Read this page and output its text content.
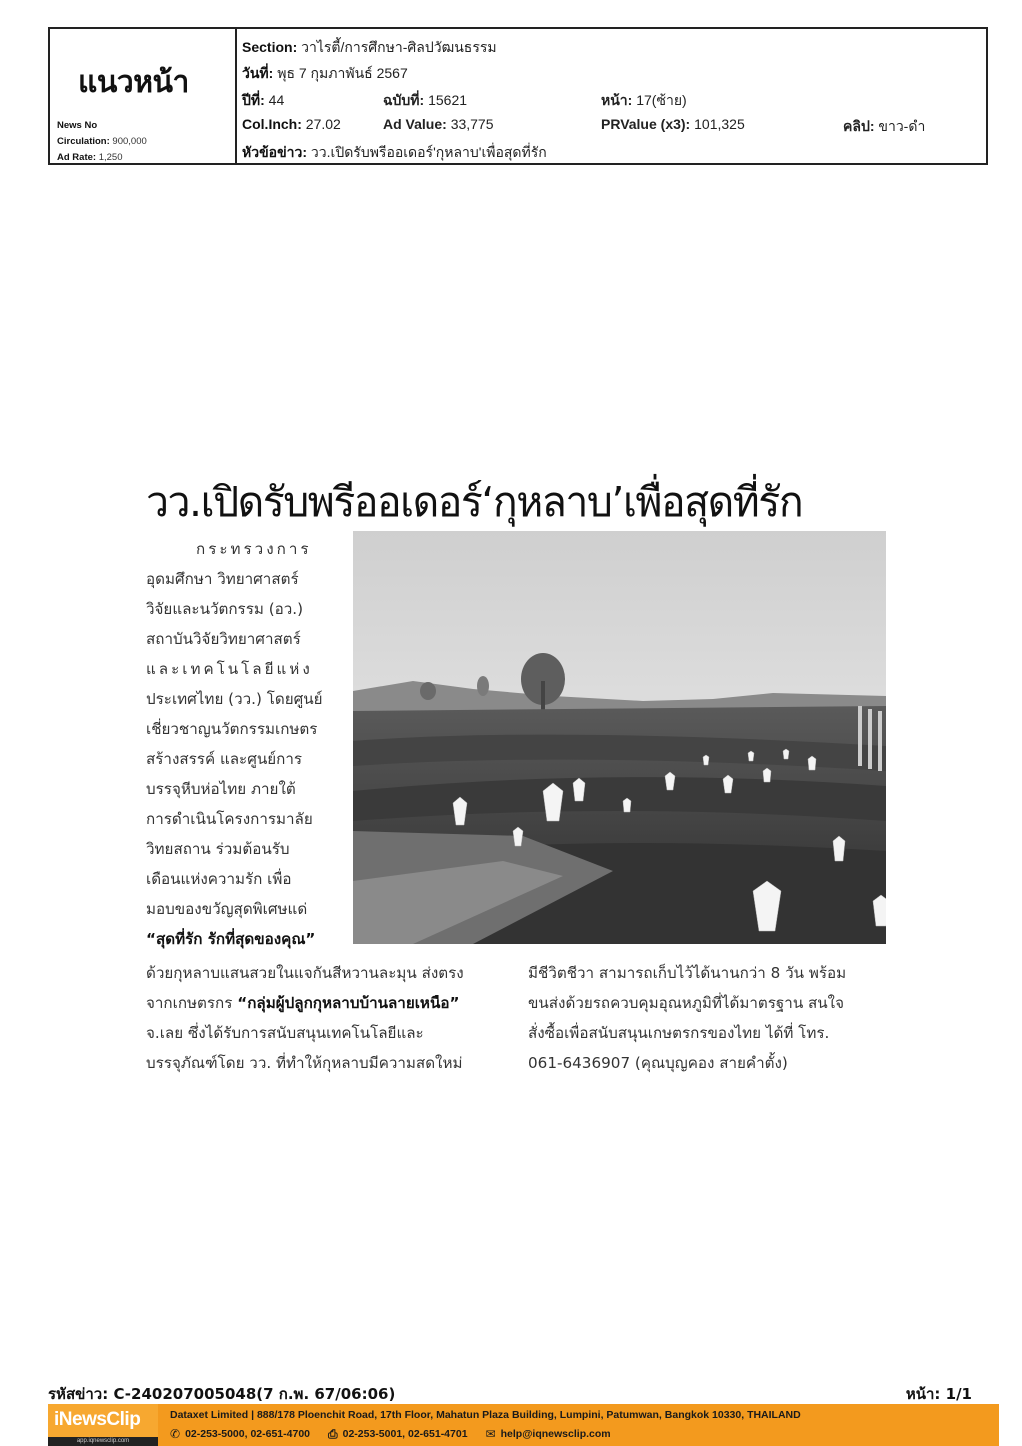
แนวหน้า
News No
Circulation: 900,000
Ad Rate: 1,250
Section: วาไรตี้/การศึกษา-ศิลปวัฒนธรรม
วันที่: พุธ 7 กุมภาพันธ์ 2567
ปีที่: 44	ฉบับที่: 15621	หน้า: 17(ซ้าย)
Col.Inch: 27.02	Ad Value: 33,775	PRValue (x3): 101,325	คลิป: ขาว-ดำ
หัวข้อข่าว: วว.เปิดรับพรีออเดอร์'กุหลาบ'เพื่อสุดที่รัก
วว.เปิดรับพรีออเดอร์‘กุหลาบ’เพื่อสุดที่รัก
กระทรวงการ
อุดมศึกษา วิทยาศาสตร์
วิจัยและนวัตกรรม (อว.)
สถาบันวิจัยวิทยาศาสตร์
และเทคโนโลยีแห่ง
ประเทศไทย (วว.) โดยศูนย์
เชี่ยวชาญนวัตกรรมเกษตร
สร้างสรรค์ และศูนย์การ
บรรจุหีบห่อไทย ภายใต้
การดำเนินโครงการมาลัย
วิทยสถาน ร่วมต้อนรับ
เดือนแห่งความรัก เพื่อ
มอบของขวัญสุดพิเศษแด่
“สุดที่รัก รักที่สุดของคุณ”
ด้วยกุหลาบแสนสวยในแจกันสีหวานละมุน ส่งตรง
จากเกษตรกร “กลุ่มผู้ปลูกกุหลาบบ้านลายเหนือ”
จ.เลย ซึ่งได้รับการสนับสนุนเทคโนโลยีและ
บรรจุภัณฑ์โดย วว. ที่ทำให้กุหลาบมีความสดใหม่
มีชีวิตชีวา สามารถเก็บไว้ได้นานกว่า 8 วัน พร้อม
ขนส่งด้วยรถควบคุมอุณหภูมิที่ได้มาตรฐาน สนใจ
สั่งซื้อเพื่อสนับสนุนเกษตรกรของไทย ได้ที่ โทร.
061-6436907 (คุณบุญคอง สายคำตั้ง)
รหัสข่าว: C-240207005048(7 ก.พ. 67/06:06)	หน้า: 1/1
iNewsClip
app.iqnewsclip.com
Dataxet Limited | 888/178 Ploenchit Road, 17th Floor, Mahatun Plaza Building, Lumpini, Patumwan, Bangkok 10330, THAILAND
✆ 02-253-5000, 02-651-4700 ⎙ 02-253-5001, 02-651-4701 ✉ help@iqnewsclip.com
